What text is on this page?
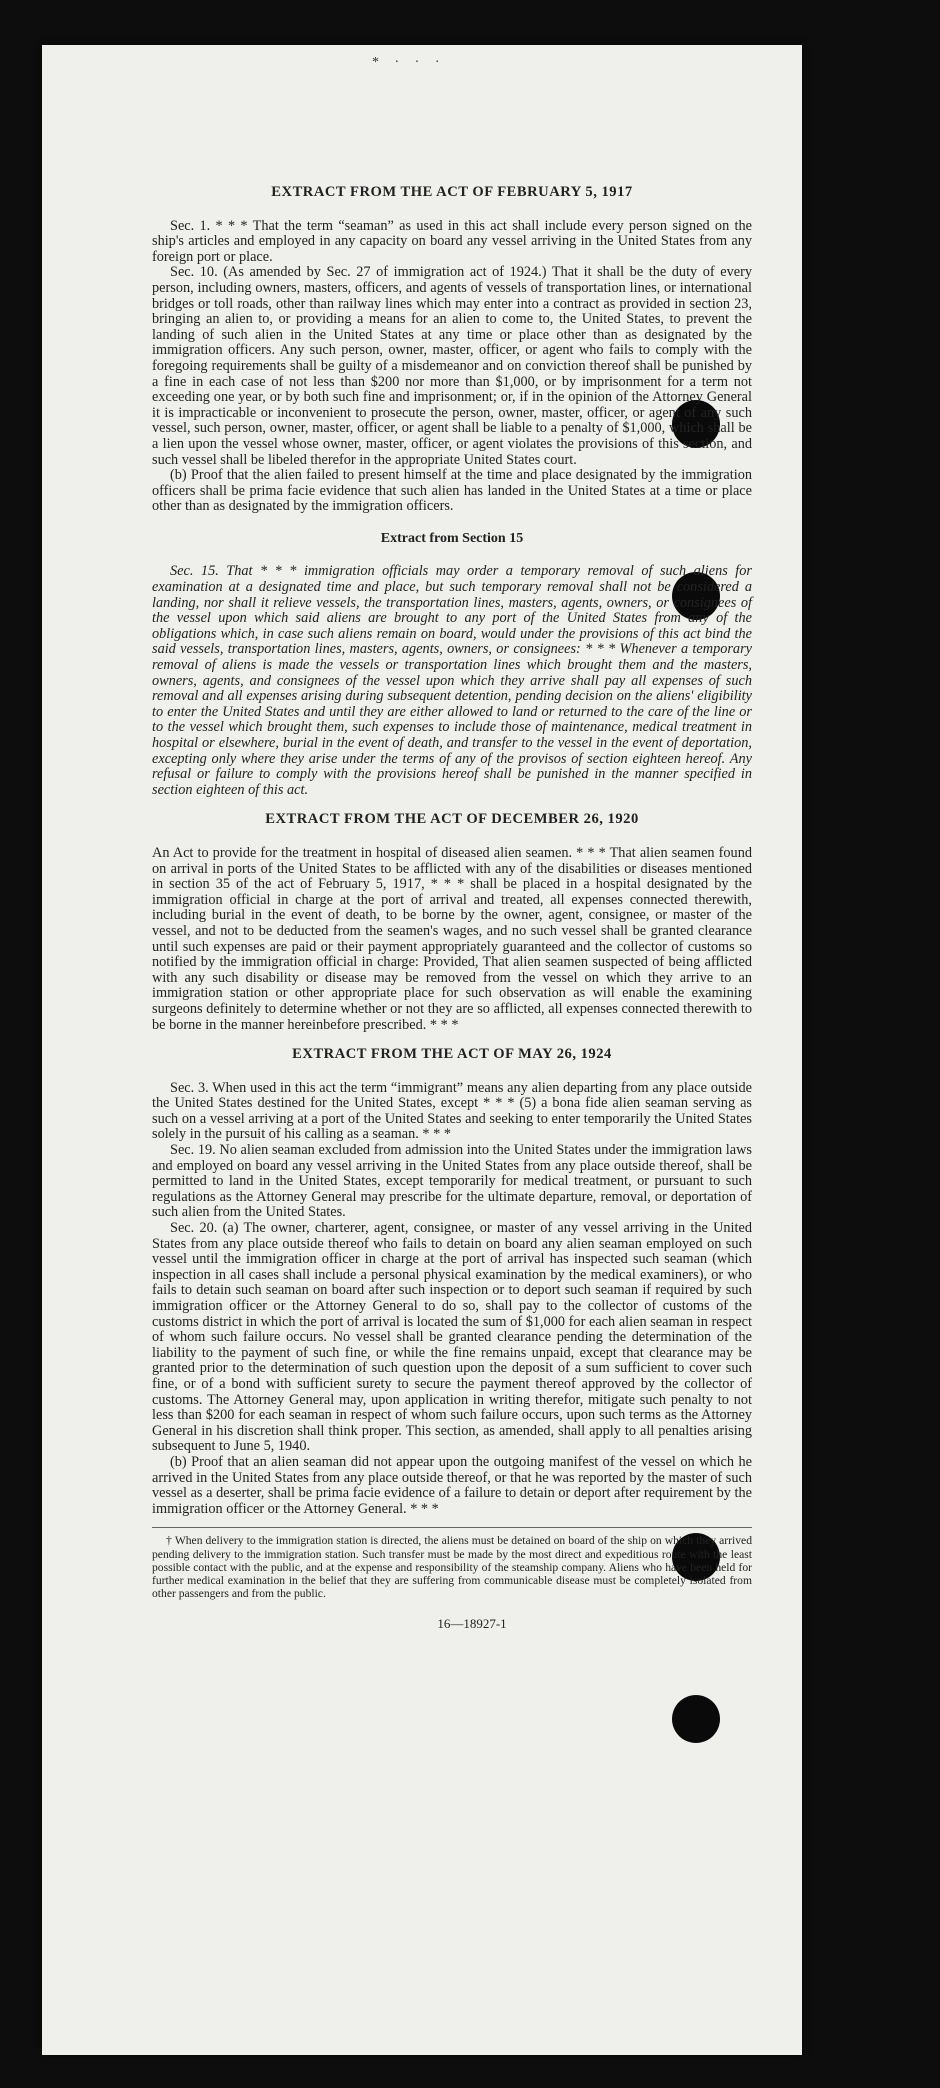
* · · ·
EXTRACT FROM THE ACT OF FEBRUARY 5, 1917

Sec. 1. * * * That the term “seaman” as used in this act shall include every person signed on the ship's articles and employed in any capacity on board any vessel arriving in the United States from any foreign port or place.

Sec. 10. (As amended by Sec. 27 of immigration act of 1924.) That it shall be the duty of every person, including owners, masters, officers, and agents of vessels of transportation lines, or international bridges or toll roads, other than railway lines which may enter into a contract as provided in section 23, bringing an alien to, or providing a means for an alien to come to, the United States, to prevent the landing of such alien in the United States at any time or place other than as designated by the immigration officers. Any such person, owner, master, officer, or agent who fails to comply with the foregoing requirements shall be guilty of a misdemeanor and on conviction thereof shall be punished by a fine in each case of not less than $200 nor more than $1,000, or by imprisonment for a term not exceeding one year, or by both such fine and imprisonment; or, if in the opinion of the Attorney General it is impracticable or inconvenient to prosecute the person, owner, master, officer, or agent of any such vessel, such person, owner, master, officer, or agent shall be liable to a penalty of $1,000, which shall be a lien upon the vessel whose owner, master, officer, or agent violates the provisions of this section, and such vessel shall be libeled therefor in the appropriate United States court.

(b) Proof that the alien failed to present himself at the time and place designated by the immigration officers shall be prima facie evidence that such alien has landed in the United States at a time or place other than as designated by the immigration officers.

Extract from Section 15

Sec. 15. That * * * immigration officials may order a temporary removal of such aliens for examination at a designated time and place, but such temporary removal shall not be considered a landing, nor shall it relieve vessels, the transportation lines, masters, agents, owners, or consignees of the vessel upon which said aliens are brought to any port of the United States from any of the obligations which, in case such aliens remain on board, would under the provisions of this act bind the said vessels, transportation lines, masters, agents, owners, or consignees: * * * Whenever a temporary removal of aliens is made the vessels or transportation lines which brought them and the masters, owners, agents, and consignees of the vessel upon which they arrive shall pay all expenses of such removal and all expenses arising during subsequent detention, pending decision on the aliens' eligibility to enter the United States and until they are either allowed to land or returned to the care of the line or to the vessel which brought them, such expenses to include those of maintenance, medical treatment in hospital or elsewhere, burial in the event of death, and transfer to the vessel in the event of deportation, excepting only where they arise under the terms of any of the provisos of section eighteen hereof. Any refusal or failure to comply with the provisions hereof shall be punished in the manner specified in section eighteen of this act.

EXTRACT FROM THE ACT OF DECEMBER 26, 1920

An Act to provide for the treatment in hospital of diseased alien seamen. * * * That alien seamen found on arrival in ports of the United States to be afflicted with any of the disabilities or diseases mentioned in section 35 of the act of February 5, 1917, * * * shall be placed in a hospital designated by the immigration official in charge at the port of arrival and treated, all expenses connected therewith, including burial in the event of death, to be borne by the owner, agent, consignee, or master of the vessel, and not to be deducted from the seamen's wages, and no such vessel shall be granted clearance until such expenses are paid or their payment appropriately guaranteed and the collector of customs so notified by the immigration official in charge: Provided, That alien seamen suspected of being afflicted with any such disability or disease may be removed from the vessel on which they arrive to an immigration station or other appropriate place for such observation as will enable the examining surgeons definitely to determine whether or not they are so afflicted, all expenses connected therewith to be borne in the manner hereinbefore prescribed. * * *

EXTRACT FROM THE ACT OF MAY 26, 1924

Sec. 3. When used in this act the term “immigrant” means any alien departing from any place outside the United States destined for the United States, except * * * (5) a bona fide alien seaman serving as such on a vessel arriving at a port of the United States and seeking to enter temporarily the United States solely in the pursuit of his calling as a seaman. * * *

Sec. 19. No alien seaman excluded from admission into the United States under the immigration laws and employed on board any vessel arriving in the United States from any place outside thereof, shall be permitted to land in the United States, except temporarily for medical treatment, or pursuant to such regulations as the Attorney General may prescribe for the ultimate departure, removal, or deportation of such alien from the United States.

Sec. 20. (a) The owner, charterer, agent, consignee, or master of any vessel arriving in the United States from any place outside thereof who fails to detain on board any alien seaman employed on such vessel until the immigration officer in charge at the port of arrival has inspected such seaman (which inspection in all cases shall include a personal physical examination by the medical examiners), or who fails to detain such seaman on board after such inspection or to deport such seaman if required by such immigration officer or the Attorney General to do so, shall pay to the collector of customs of the customs district in which the port of arrival is located the sum of $1,000 for each alien seaman in respect of whom such failure occurs. No vessel shall be granted clearance pending the determination of the liability to the payment of such fine, or while the fine remains unpaid, except that clearance may be granted prior to the determination of such question upon the deposit of a sum sufficient to cover such fine, or of a bond with sufficient surety to secure the payment thereof approved by the collector of customs. The Attorney General may, upon application in writing therefor, mitigate such penalty to not less than $200 for each seaman in respect of whom such failure occurs, upon such terms as the Attorney General in his discretion shall think proper. This section, as amended, shall apply to all penalties arising subsequent to June 5, 1940.

(b) Proof that an alien seaman did not appear upon the outgoing manifest of the vessel on which he arrived in the United States from any place outside thereof, or that he was reported by the master of such vessel as a deserter, shall be prima facie evidence of a failure to detain or deport after requirement by the immigration officer or the Attorney General. * * *

† When delivery to the immigration station is directed, the aliens must be detained on board of the ship on which they arrived pending delivery to the immigration station. Such transfer must be made by the most direct and expeditious route with the least possible contact with the public, and at the expense and responsibility of the steamship company. Aliens who have been held for further medical examination in the belief that they are suffering from communicable disease must be completely isolated from other passengers and from the public.

16—18927-1
